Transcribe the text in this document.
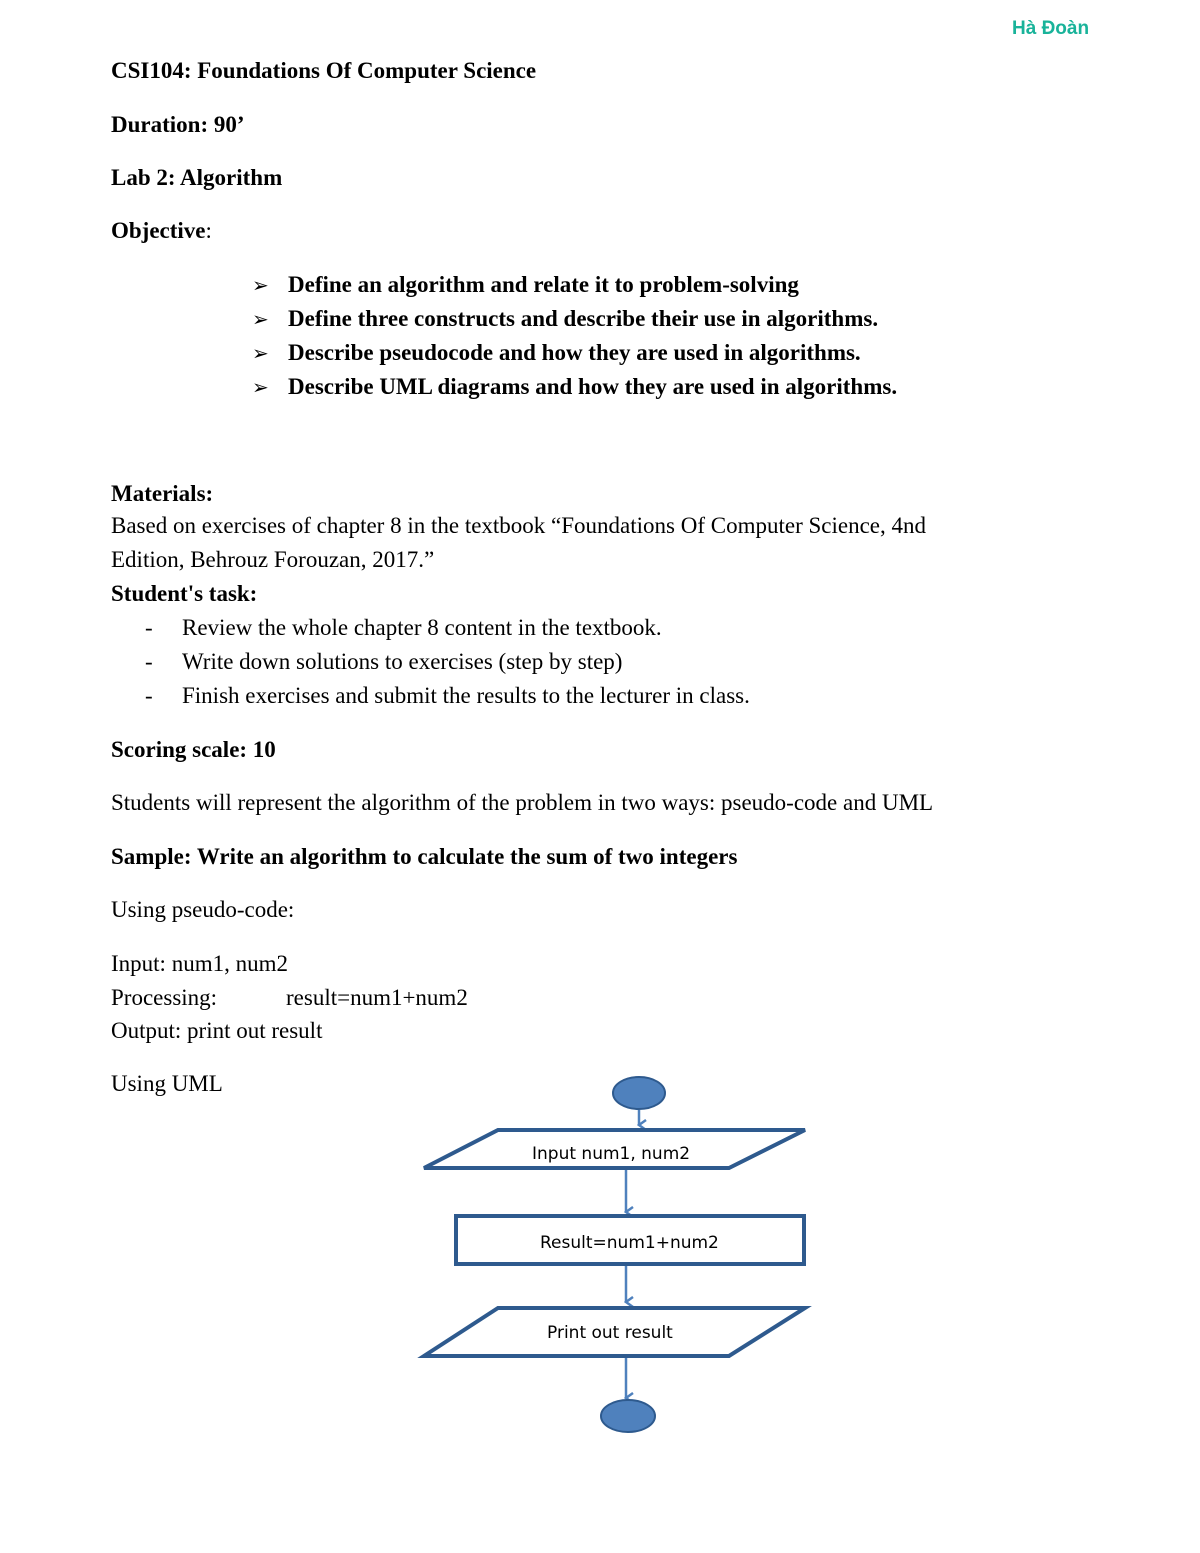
Hà Đoàn
CSI104: Foundations Of Computer Science
Duration: 90’
Lab 2: Algorithm
Objective:
➢ Define an algorithm and relate it to problem-solving
➢ Define three constructs and describe their use in algorithms.
➢ Describe pseudocode and how they are used in algorithms.
➢ Describe UML diagrams and how they are used in algorithms.
Materials:
Based on exercises of chapter 8 in the textbook “Foundations Of Computer Science, 4nd
Edition, Behrouz Forouzan, 2017.”
Student's task:
- Review the whole chapter 8 content in the textbook.
- Write down solutions to exercises (step by step)
- Finish exercises and submit the results to the lecturer in class.
Scoring scale: 10
Students will represent the algorithm of the problem in two ways: pseudo-code and UML
Sample: Write an algorithm to calculate the sum of two integers
Using pseudo-code:
Input: num1, num2
Processing:	result=num1+num2
Output: print out result
Using UML
Input num1, num2
Result=num1+num2
Print out result
